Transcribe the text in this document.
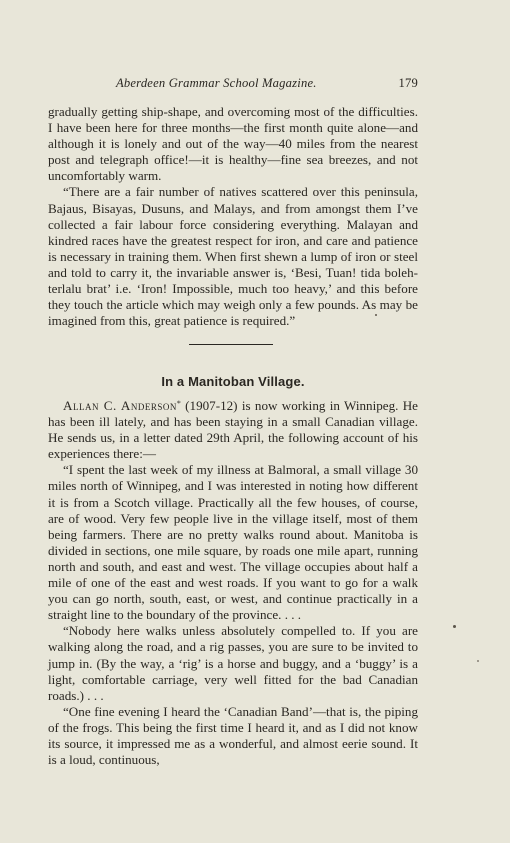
Aberdeen Grammar School Magazine.	179

gradually getting ship-shape, and overcoming most of the difficulties. I have been here for three months—the first month quite alone—and although it is lonely and out of the way—40 miles from the nearest post and telegraph office!—it is healthy—fine sea breezes, and not uncomfortably warm.

“There are a fair number of natives scattered over this peninsula, Bajaus, Bisayas, Dusuns, and Malays, and from amongst them I’ve collected a fair labour force considering everything. Malayan and kindred races have the greatest respect for iron, and care and patience is necessary in training them. When first shewn a lump of iron or steel and told to carry it, the invariable answer is, ‘Besi, Tuan! tida boleh-terlalu brat’ i.e. ‘Iron! Impossible, much too heavy,’ and this before they touch the article which may weigh only a few pounds. As may be imagined from this, great patience is required.”

In a Manitoban Village.

Allan C. Anderson* (1907-12) is now working in Winnipeg. He has been ill lately, and has been staying in a small Canadian village. He sends us, in a letter dated 29th April, the following account of his experiences there:—

“I spent the last week of my illness at Balmoral, a small village 30 miles north of Winnipeg, and I was interested in noting how different it is from a Scotch village. Practically all the few houses, of course, are of wood. Very few people live in the village itself, most of them being farmers. There are no pretty walks round about. Manitoba is divided in sections, one mile square, by roads one mile apart, running north and south, and east and west. The village occupies about half a mile of one of the east and west roads. If you want to go for a walk you can go north, south, east, or west, and continue practically in a straight line to the boundary of the province. . . .

“Nobody here walks unless absolutely compelled to. If you are walking along the road, and a rig passes, you are sure to be invited to jump in. (By the way, a ‘rig’ is a horse and buggy, and a ‘buggy’ is a light, comfortable carriage, very well fitted for the bad Canadian roads.) . . .

“One fine evening I heard the ‘Canadian Band’—that is, the piping of the frogs. This being the first time I heard it, and as I did not know its source, it impressed me as a wonderful, and almost eerie sound. It is a loud, continuous,
